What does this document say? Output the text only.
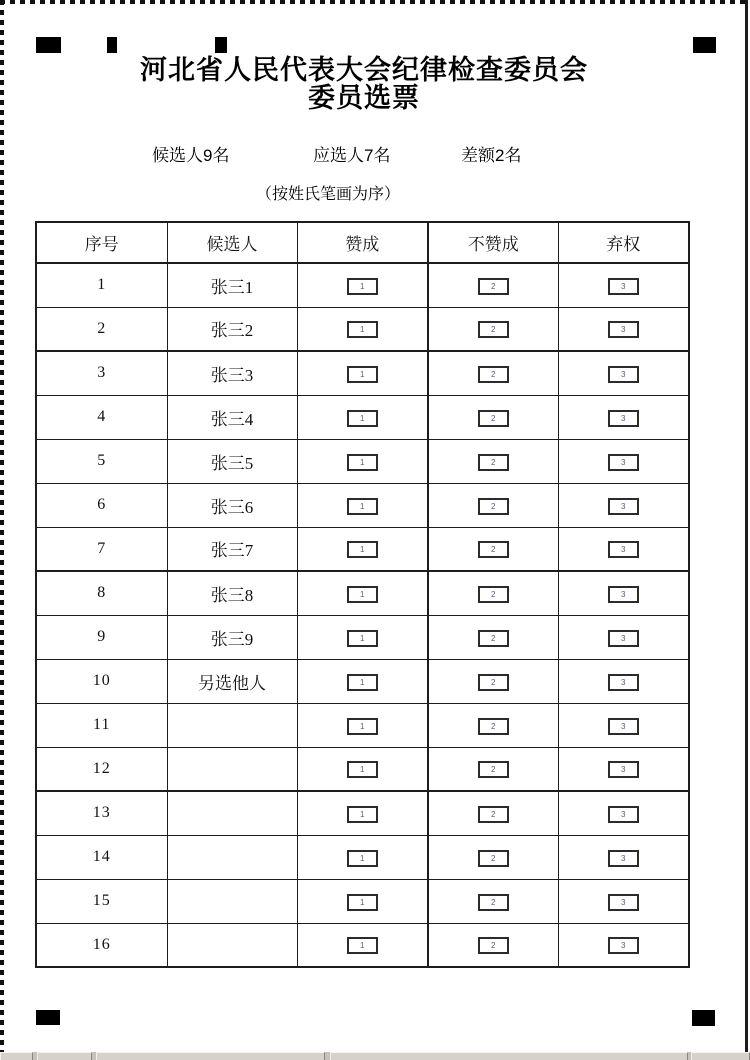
河北省人民代表大会纪律检查委员会
委员选票
候选人9名	应选人7名	差额2名
（按姓氏笔画为序）
序号	候选人	赞成	不赞成	弃权
1	张三1	1	2	3
2	张三2	1	2	3
3	张三3	1	2	3
4	张三4	1	2	3
5	张三5	1	2	3
6	张三6	1	2	3
7	张三7	1	2	3
8	张三8	1	2	3
9	张三9	1	2	3
10	另选他人	1	2	3
11		1	2	3
12		1	2	3
13		1	2	3
14		1	2	3
15		1	2	3
16		1	2	3
